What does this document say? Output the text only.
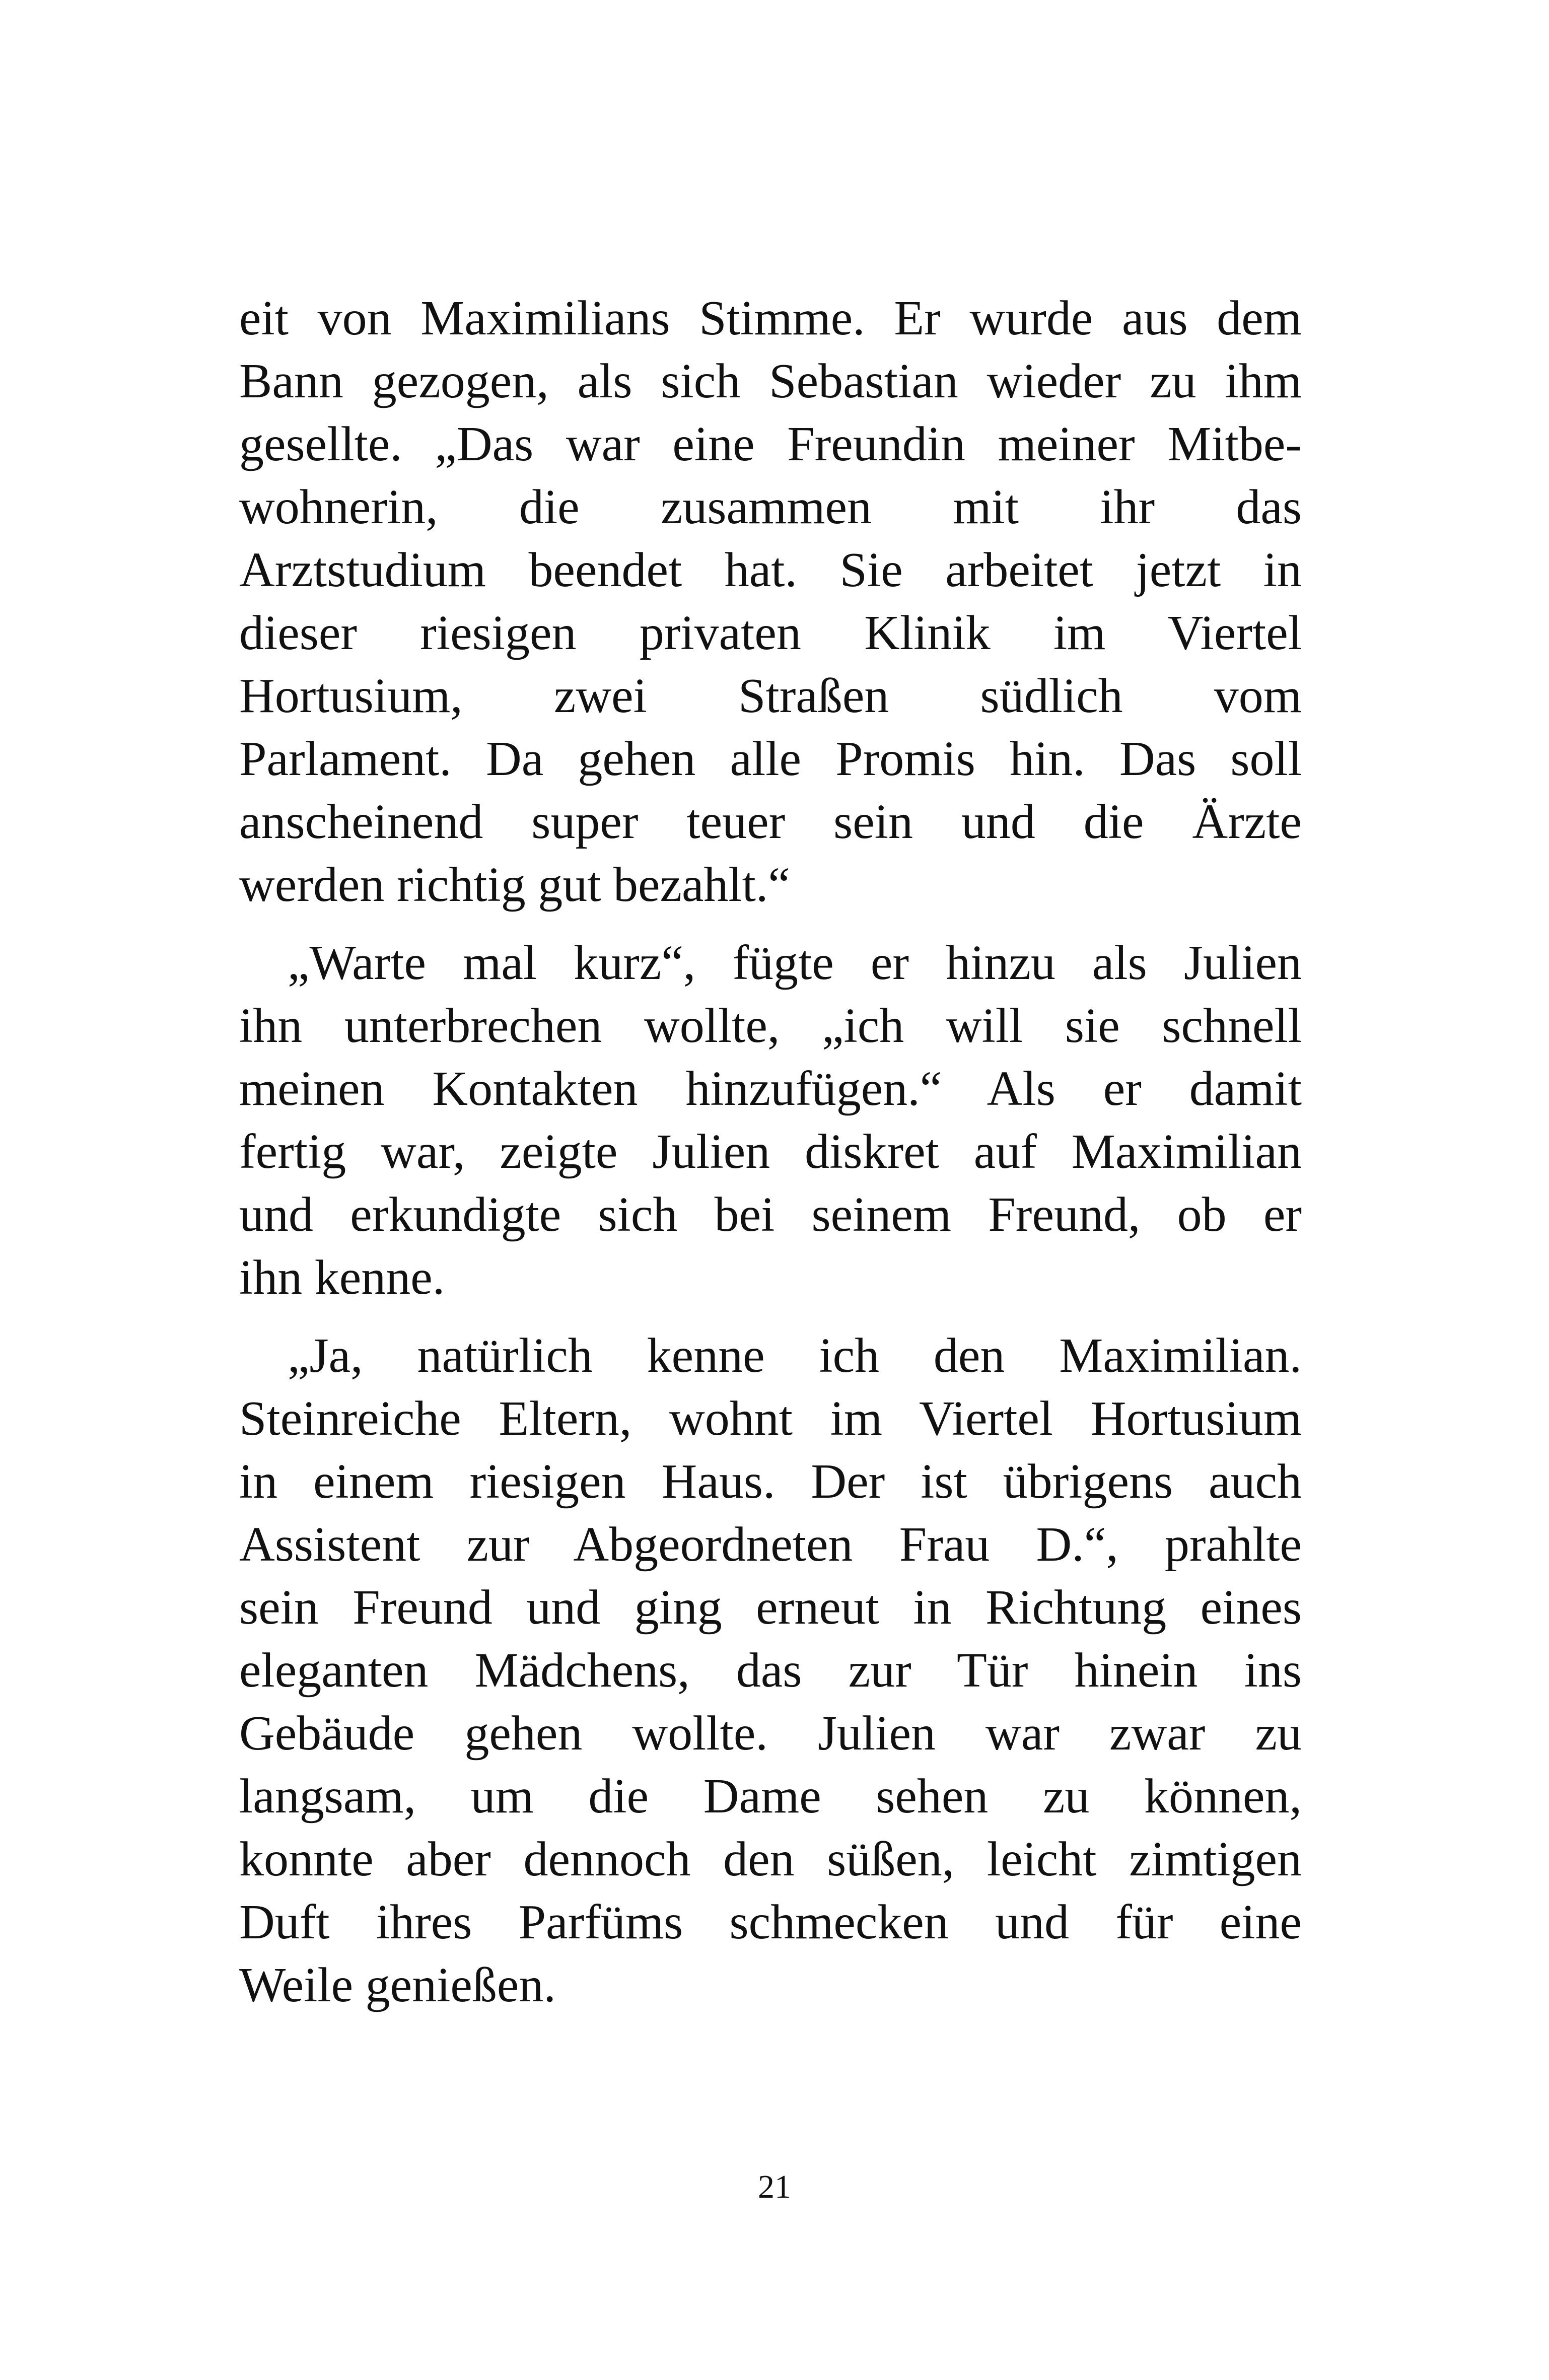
eit von Maximilians Stimme. Er wurde aus dem
Bann gezogen, als sich Sebastian wieder zu ihm
gesellte. „Das war eine Freundin meiner Mitbe-
wohnerin, die zusammen mit ihr das
Arztstudium beendet hat. Sie arbeitet jetzt in
dieser riesigen privaten Klinik im Viertel
Hortusium, zwei Straßen südlich vom
Parlament. Da gehen alle Promis hin. Das soll
anscheinend super teuer sein und die Ärzte
werden richtig gut bezahlt.“
„Warte mal kurz“, fügte er hinzu als Julien
ihn unterbrechen wollte, „ich will sie schnell
meinen Kontakten hinzufügen.“ Als er damit
fertig war, zeigte Julien diskret auf Maximilian
und erkundigte sich bei seinem Freund, ob er
ihn kenne.
„Ja, natürlich kenne ich den Maximilian.
Steinreiche Eltern, wohnt im Viertel Hortusium
in einem riesigen Haus. Der ist übrigens auch
Assistent zur Abgeordneten Frau D.“, prahlte
sein Freund und ging erneut in Richtung eines
eleganten Mädchens, das zur Tür hinein ins
Gebäude gehen wollte. Julien war zwar zu
langsam, um die Dame sehen zu können,
konnte aber dennoch den süßen, leicht zimtigen
Duft ihres Parfüms schmecken und für eine
Weile genießen.
21
